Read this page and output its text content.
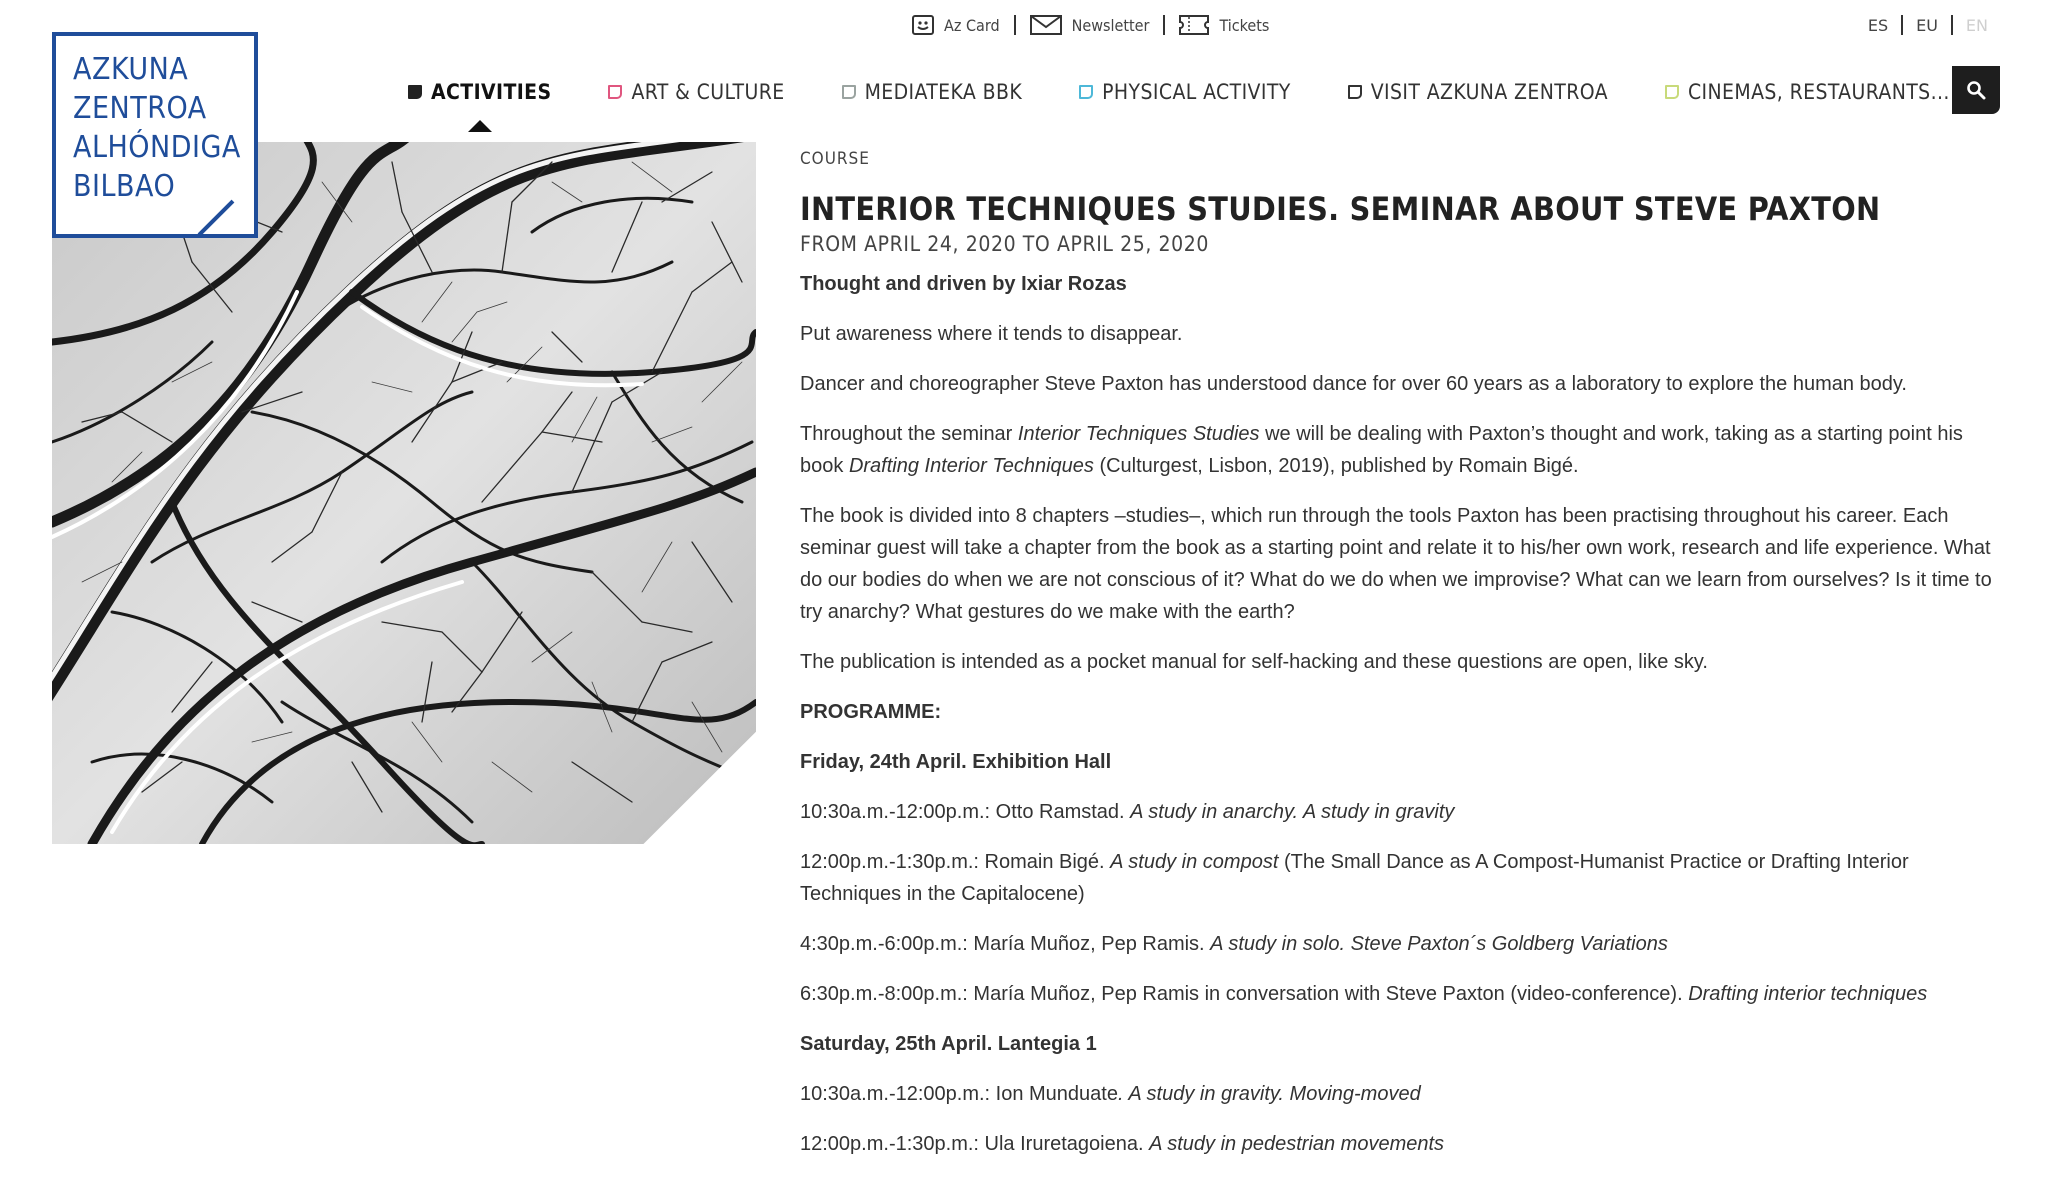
Az Card	Newsletter	Tickets	ES EU EN
AZKUNA
ZENTROA
ALHÓNDIGA
BILBAO
ACTIVITIES	ART & CULTURE	MEDIATEKA BBK	PHYSICAL ACTIVITY	VISIT AZKUNA ZENTROA	CINEMAS, RESTAURANTS...
COURSE
INTERIOR TECHNIQUES STUDIES. SEMINAR ABOUT STEVE PAXTON
FROM APRIL 24, 2020 TO APRIL 25, 2020

Thought and driven by Ixiar Rozas

Put awareness where it tends to disappear.

Dancer and choreographer Steve Paxton has understood dance for over 60 years as a laboratory to explore the human body.

Throughout the seminar Interior Techniques Studies we will be dealing with Paxton’s thought and work, taking as a starting point his book Drafting Interior Techniques (Culturgest, Lisbon, 2019), published by Romain Bigé.

The book is divided into 8 chapters –studies–, which run through the tools Paxton has been practising throughout his career. Each seminar guest will take a chapter from the book as a starting point and relate it to his/her own work, research and life experience. What do our bodies do when we are not conscious of it? What do we do when we improvise? What can we learn from ourselves? Is it time to try anarchy? What gestures do we make with the earth?

The publication is intended as a pocket manual for self-hacking and these questions are open, like sky.

PROGRAMME:

Friday, 24th April. Exhibition Hall

10:30a.m.-12:00p.m.: Otto Ramstad. A study in anarchy. A study in gravity

12:00p.m.-1:30p.m.: Romain Bigé. A study in compost (The Small Dance as A Compost-Humanist Practice or Drafting Interior Techniques in the Capitalocene)

4:30p.m.-6:00p.m.: María Muñoz, Pep Ramis. A study in solo. Steve Paxton´s Goldberg Variations

6:30p.m.-8:00p.m.: María Muñoz, Pep Ramis in conversation with Steve Paxton (video-conference). Drafting interior techniques

Saturday, 25th April. Lantegia 1

10:30a.m.-12:00p.m.: Ion Munduate. A study in gravity. Moving-moved

12:00p.m.-1:30p.m.: Ula Iruretagoiena. A study in pedestrian movements
